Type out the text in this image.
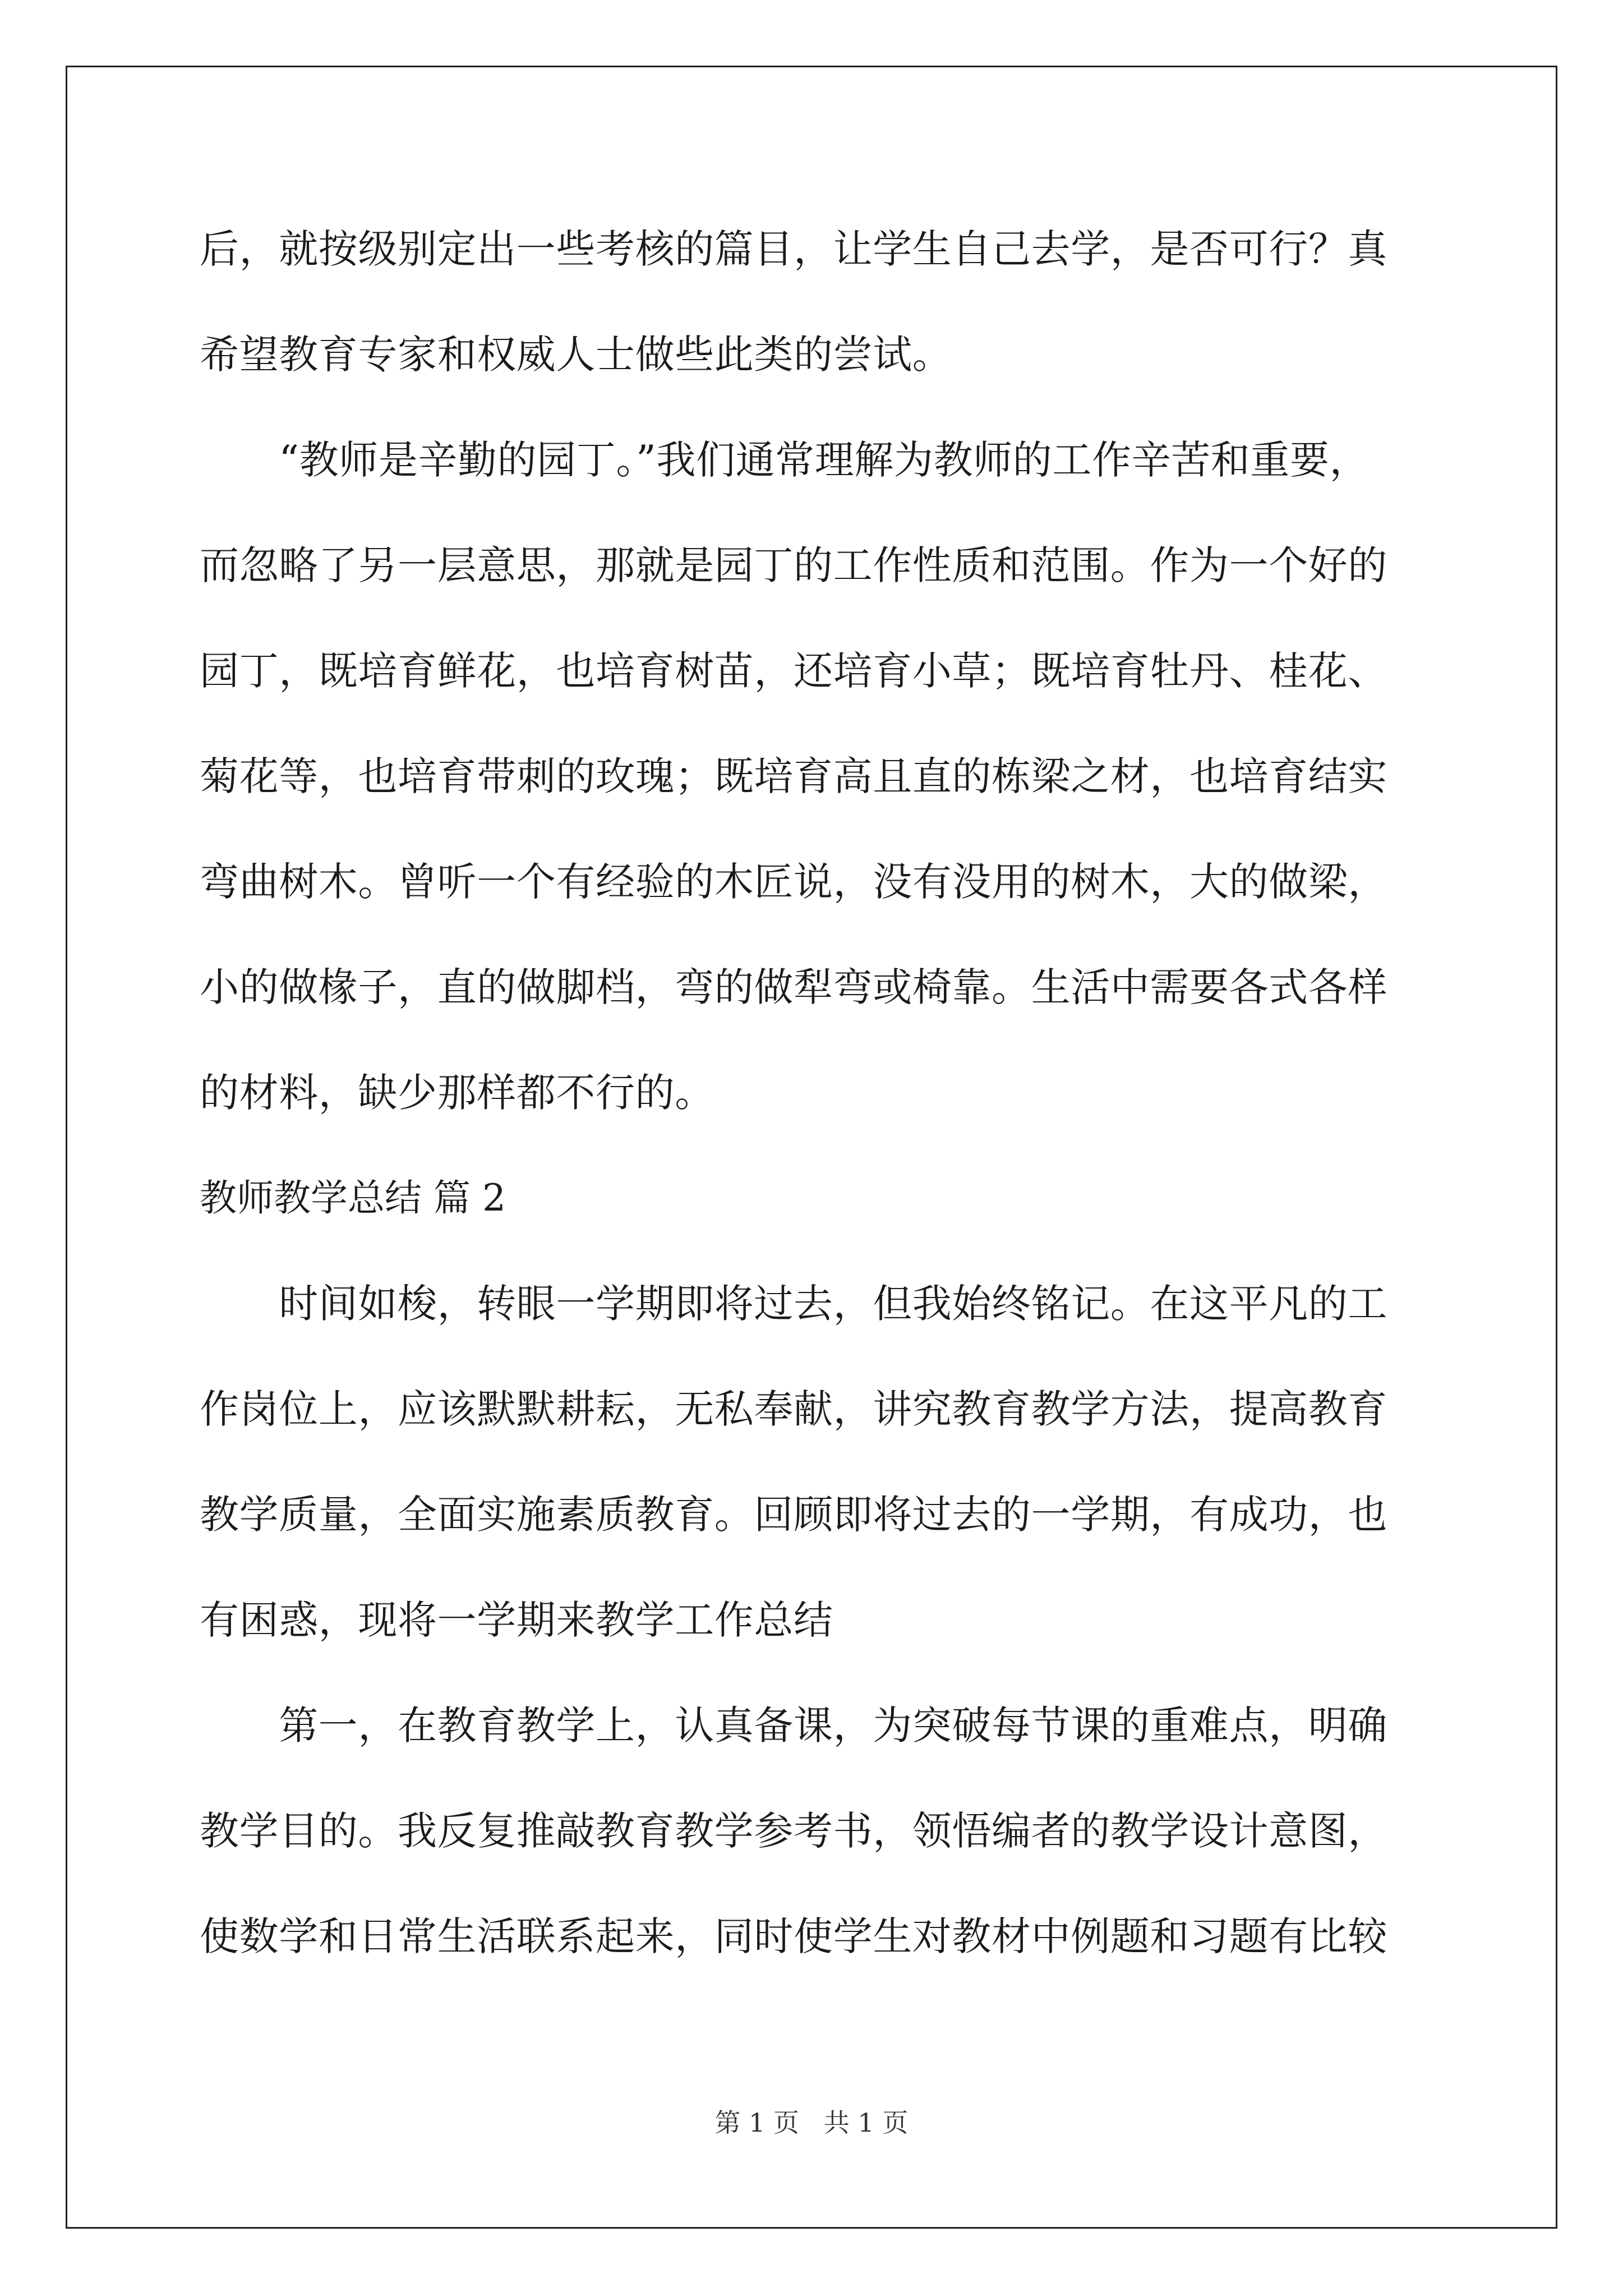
后，就按级别定出一些考核的篇目，让学生自己去学，是否可行？真
希望教育专家和权威人士做些此类的尝试。
　　“教师是辛勤的园丁。”我们通常理解为教师的工作辛苦和重要，
而忽略了另一层意思，那就是园丁的工作性质和范围。作为一个好的
园丁，既培育鲜花，也培育树苗，还培育小草；既培育牡丹、桂花、
菊花等，也培育带刺的玫瑰；既培育高且直的栋梁之材，也培育结实
弯曲树木。曾听一个有经验的木匠说，没有没用的树木，大的做梁，
小的做椽子，直的做脚档，弯的做犁弯或椅靠。生活中需要各式各样
的材料，缺少那样都不行的。
教师教学总结 篇 2
　　时间如梭，转眼一学期即将过去，但我始终铭记。在这平凡的工
作岗位上，应该默默耕耘，无私奉献，讲究教育教学方法，提高教育
教学质量，全面实施素质教育。回顾即将过去的一学期，有成功，也
有困惑，现将一学期来教学工作总结
　　第一，在教育教学上，认真备课，为突破每节课的重难点，明确
教学目的。我反复推敲教育教学参考书，领悟编者的教学设计意图，
使数学和日常生活联系起来，同时使学生对教材中例题和习题有比较
第 1 页   共 1 页
